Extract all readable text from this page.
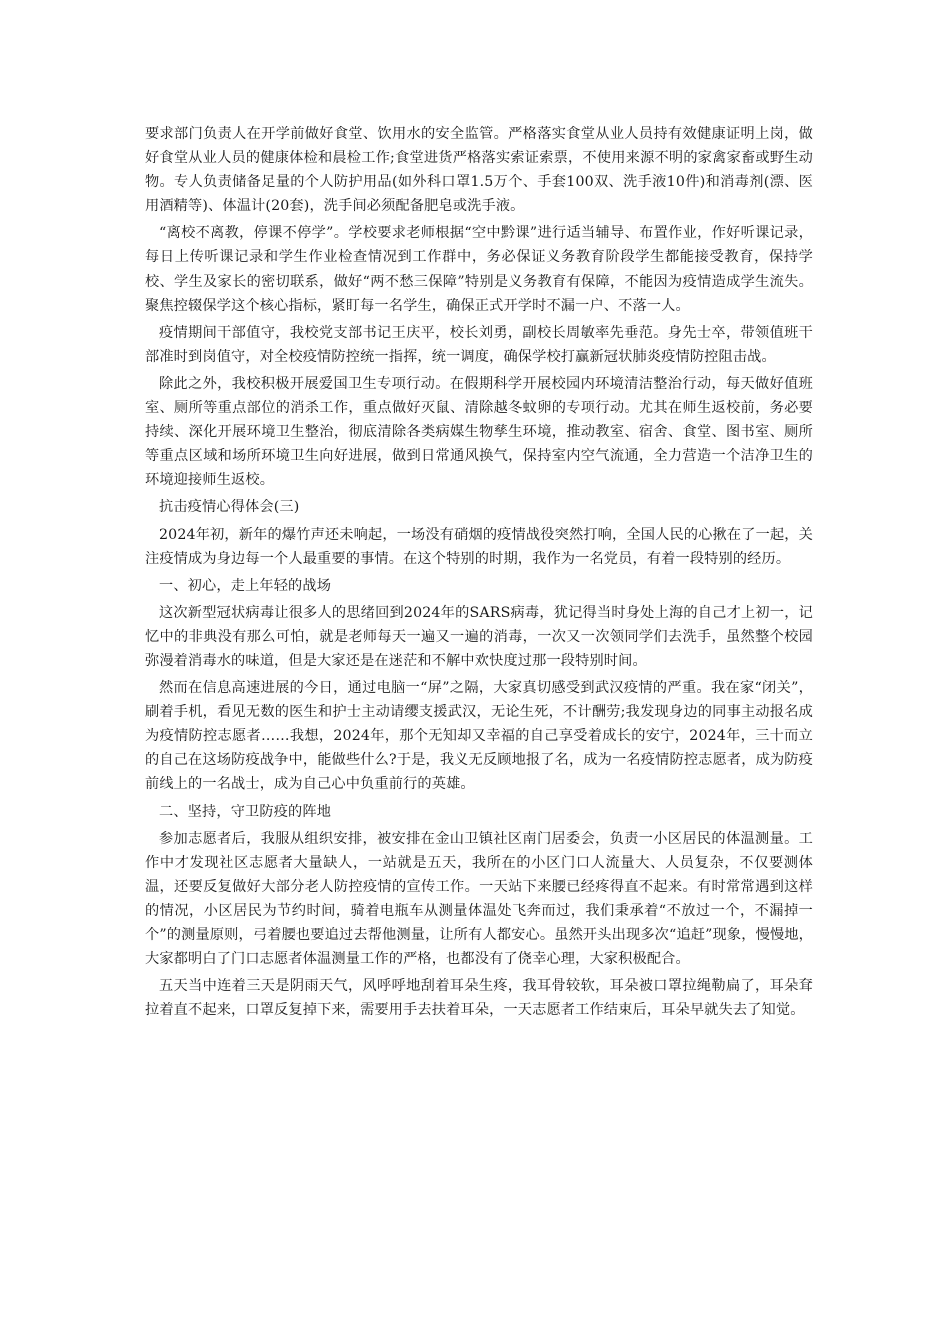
要求部门负责人在开学前做好食堂、饮用水的安全监管。严格落实食堂从业人员持有效健康证明上岗，做好食堂从业人员的健康体检和晨检工作;食堂进货严格落实索证索票，不使用来源不明的家禽家畜或野生动物。专人负责储备足量的个人防护用品(如外科口罩1.5万个、手套100双、洗手液10件)和消毒剂(漂、医用酒精等)、体温计(20套)，洗手间必须配备肥皂或洗手液。

“离校不离教，停课不停学”。学校要求老师根据“空中黔课”进行适当辅导、布置作业，作好听课记录，每日上传听课记录和学生作业检查情况到工作群中，务必保证义务教育阶段学生都能接受教育，保持学校、学生及家长的密切联系，做好“两不愁三保障”特别是义务教育有保障，不能因为疫情造成学生流失。聚焦控辍保学这个核心指标，紧盯每一名学生，确保正式开学时不漏一户、不落一人。

疫情期间干部值守，我校党支部书记王庆平，校长刘勇，副校长周敏率先垂范。身先士卒，带领值班干部准时到岗值守，对全校疫情防控统一指挥，统一调度，确保学校打赢新冠状肺炎疫情防控阻击战。

除此之外，我校积极开展爱国卫生专项行动。在假期科学开展校园内环境清洁整治行动，每天做好值班室、厕所等重点部位的消杀工作，重点做好灭鼠、清除越冬蚊卵的专项行动。尤其在师生返校前，务必要持续、深化开展环境卫生整治，彻底清除各类病媒生物孳生环境，推动教室、宿舍、食堂、图书室、厕所等重点区域和场所环境卫生向好进展，做到日常通风换气，保持室内空气流通，全力营造一个洁净卫生的环境迎接师生返校。

抗击疫情心得体会(三)

2024年初，新年的爆竹声还未响起，一场没有硝烟的疫情战役突然打响，全国人民的心揪在了一起，关注疫情成为身边每一个人最重要的事情。在这个特别的时期，我作为一名党员，有着一段特别的经历。

一、初心，走上年轻的战场

这次新型冠状病毒让很多人的思绪回到2024年的SARS病毒，犹记得当时身处上海的自己才上初一，记忆中的非典没有那么可怕，就是老师每天一遍又一遍的消毒，一次又一次领同学们去洗手，虽然整个校园弥漫着消毒水的味道，但是大家还是在迷茫和不解中欢快度过那一段特别时间。

然而在信息高速进展的今日，通过电脑一“屏”之隔，大家真切感受到武汉疫情的严重。我在家“闭关”，刷着手机，看见无数的医生和护士主动请缨支援武汉，无论生死，不计酬劳;我发现身边的同事主动报名成为疫情防控志愿者……我想，2024年，那个无知却又幸福的自己享受着成长的安宁，2024年，三十而立的自己在这场防疫战争中，能做些什么?于是，我义无反顾地报了名，成为一名疫情防控志愿者，成为防疫前线上的一名战士，成为自己心中负重前行的英雄。

二、坚持，守卫防疫的阵地

参加志愿者后，我服从组织安排，被安排在金山卫镇社区南门居委会，负责一小区居民的体温测量。工作中才发现社区志愿者大量缺人，一站就是五天，我所在的小区门口人流量大、人员复杂，不仅要测体温，还要反复做好大部分老人防控疫情的宣传工作。一天站下来腰已经疼得直不起来。有时常常遇到这样的情况，小区居民为节约时间，骑着电瓶车从测量体温处飞奔而过，我们秉承着“不放过一个，不漏掉一个”的测量原则，弓着腰也要追过去帮他测量，让所有人都安心。虽然开头出现多次“追赶”现象，慢慢地，大家都明白了门口志愿者体温测量工作的严格，也都没有了侥幸心理，大家积极配合。

五天当中连着三天是阴雨天气，风呼呼地刮着耳朵生疼，我耳骨较软，耳朵被口罩拉绳勒扁了，耳朵耷拉着直不起来，口罩反复掉下来，需要用手去扶着耳朵，一天志愿者工作结束后，耳朵早就失去了知觉。
